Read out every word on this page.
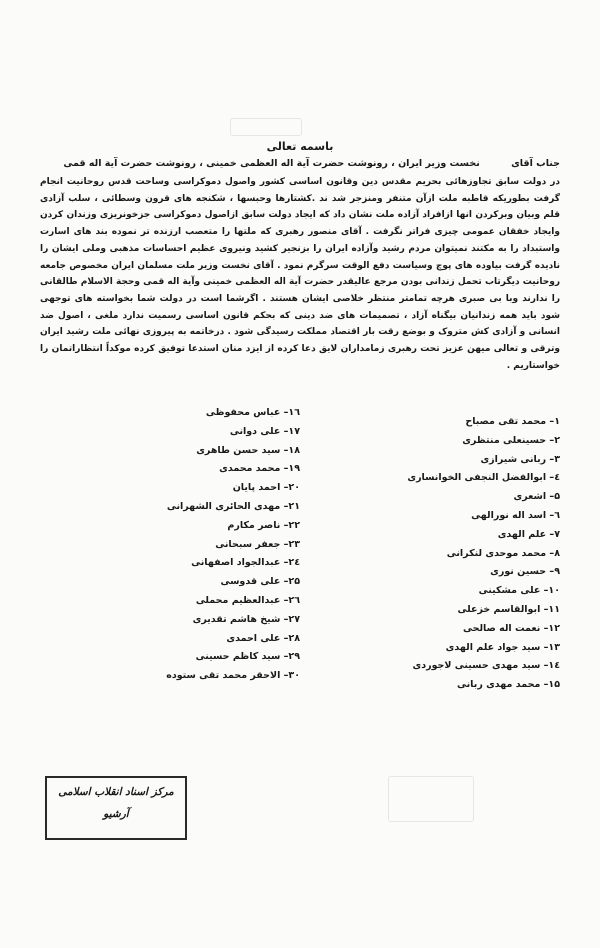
باسمه تعالی
جناب آقای نخست وزیر ایران ، رونوشت حضرت آیة اله العظمی خمینی ، رونوشت حضرت آیة اله قمی
در دولت سابق تجاوزهائی بحریم مقدس دین وقانون اساسی کشور واصول دموکراسی وساحت قدس روحانیت انجام گرفت بطوریکه قاطبه ملت ازآن متنفر ومنزجر شد ند .کشتارها وحبسها ، شکنجه های قرون وسطائی ، سلب آزادی قلم وبیان وبرکردن انها ازافراد آزاده ملت نشان داد که ایجاد دولت سابق ازاصول دموکراسی جزخونریزی وزندان کردن وایجاد خفقان عمومی چیزی فراتر نگرفت . آقای منصور رهبری که ملتها را متعصب ارزنده تر نموده بند های اسارت واستبداد را به مکتند نمیتوان مردم رشید وآزاده ایران را بزنجیر کشید ونیروی عظیم احساسات مذهبی وملی ایشان را نادیده گرفت بیاوده های پوچ وسیاست دفع الوقت سرگرم نمود . آقای نخست وزیر ملت مسلمان ایران مخصوص جامعه روحانیت دیگرتاب تحمل زندانی بودن مرجع عالیقدر حضرت آیة اله العظمی خمینی وآیة اله قمی وحجة الاسلام طالقانی را ندارند وبا بی صبری هرچه تمامتر منتظر خلاصی ایشان هستند . اگرشما است در دولت شما بخواسته های توجهی شود باید همه زندانیان بیگناه آزاد ، تصمیمات های ضد دینی که بحکم قانون اساسی رسمیت ندارد ملغی ، اصول ضد انسانی و آزادی کش متروک و بوضع رقت بار اقتصاد مملکت رسیدگی شود . درخاتمه به پیروزی نهائی ملت رشید ایران وترقی و تعالی میهن عزیز تحت رهبری زمامداران لایق دعا کرده از ایزد منان استدعا توفیق کرده موکداً انتظاراتمان را خواستاریم .
۱– محمد تقی مصباح
۲– حسینعلی منتظری
۳– ربانی شیرازی
٤– ابوالفضل النجفی الخوانساری
۵– اشعری
٦– اسد اله نورالهی
۷– علم الهدی
۸– محمد موحدی لنکرانی
۹– حسین نوری
۱۰– علی مشکینی
۱۱– ابوالقاسم خزعلی
۱۲– نعمت اله صالحی
۱۳– سید جواد علم الهدی
۱٤– سید مهدی حسینی لاجوردی
۱۵– محمد مهدی ربانی
۱٦– عباس محفوظی
۱۷– علی دوانی
۱۸– سید حسن طاهری
۱۹– محمد محمدی
۲۰– احمد پایان
۲۱– مهدی الحائری الشهرانی
۲۲– ناصر مکارم
۲۳– جعفر سبحانی
۲٤– عبدالجواد اصفهانی
۲۵– علی قدوسی
۲٦– عبدالعظیم محملی
۲۷– شیخ هاشم تقدیری
۲۸– علی احمدی
۲۹– سید کاظم حسینی
۳۰– الاحقر محمد تقی ستوده
مرکز اسناد انقلاب اسلامی
آرشیو
